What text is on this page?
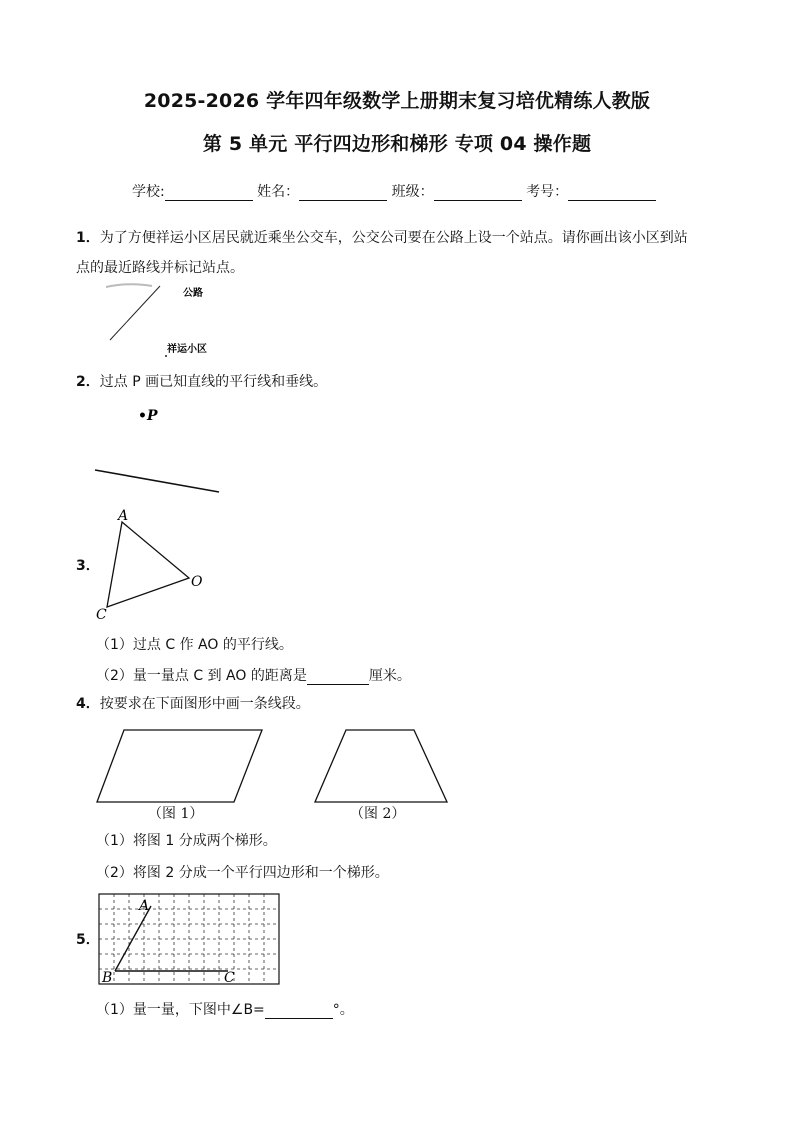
2025-2026 学年四年级数学上册期末复习培优精练人教版
第 5 单元 平行四边形和梯形 专项 04 操作题
学校:	姓名：	班级：	考号：
1．为了方便祥运小区居民就近乘坐公交车，公交公司要在公路上设一个站点。请你画出该小区到站
点的最近路线并标记站点。
公路
祥运小区
2．过点 P 画已知直线的平行线和垂线。
•P
3．
A
O
C
（1）过点 C 作 AO 的平行线。
（2）量一量点 C 到 AO 的距离是	厘米。
4．按要求在下面图形中画一条线段。
（图 1）	（图 2）
（1）将图 1 分成两个梯形。
（2）将图 2 分成一个平行四边形和一个梯形。
5．
A
B	C
（1）量一量，下图中∠B=	°。
